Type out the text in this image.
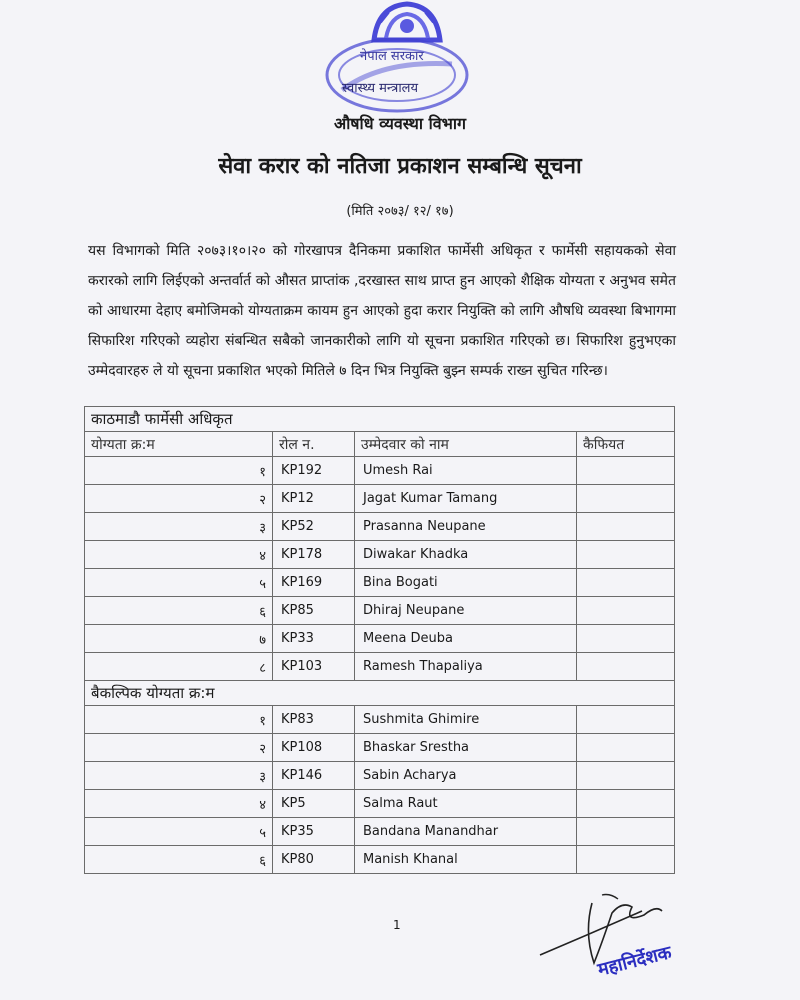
नेपाल सरकार
स्वास्थ्य मन्त्रालय
औषधि व्यवस्था विभाग
सेवा करार को नतिजा प्रकाशन सम्बन्धि सूचना
(मिति २०७३/ १२/ १७)
यस विभागको मिति २०७३।१०।२० को गोरखापत्र दैनिकमा प्रकाशित फार्मेसी अधिकृत र फार्मेसी सहायकको सेवा करारको लागि लिईएको अन्तर्वार्त को औसत प्राप्तांक ,दरखास्त साथ प्राप्त हुन आएको शैक्षिक योग्यता र अनुभव समेत को आधारमा देहाए बमोजिमको योग्यताक्रम कायम हुन आएको हुदा करार नियुक्ति को लागि औषधि व्यवस्था बिभागमा सिफारिश गरिएको व्यहोरा संबन्धित सबैको जानकारीको लागि यो सूचना प्रकाशित गरिएको छ। सिफारिश हुनुभएका उम्मेदवारहरु ले यो सूचना प्रकाशित भएको मितिले ७ दिन भित्र नियुक्ति बुझ्न सम्पर्क राख्न सुचित गरिन्छ।
काठमाडौ फार्मेसी अधिकृत			
योग्यता क्र:म	रोल न.	उम्मेदवार को नाम	कैफियत
१	KP192	Umesh Rai	
२	KP12	Jagat Kumar Tamang	
३	KP52	Prasanna Neupane	
४	KP178	Diwakar Khadka	
५	KP169	Bina Bogati	
६	KP85	Dhiraj Neupane	
७	KP33	Meena Deuba	
८	KP103	Ramesh Thapaliya	
बैकल्पिक योग्यता क्र:म			
१	KP83	Sushmita Ghimire	
२	KP108	Bhaskar Srestha	
३	KP146	Sabin Acharya	
४	KP5	Salma Raut	
५	KP35	Bandana Manandhar	
६	KP80	Manish Khanal	
1
महानिर्देशक
